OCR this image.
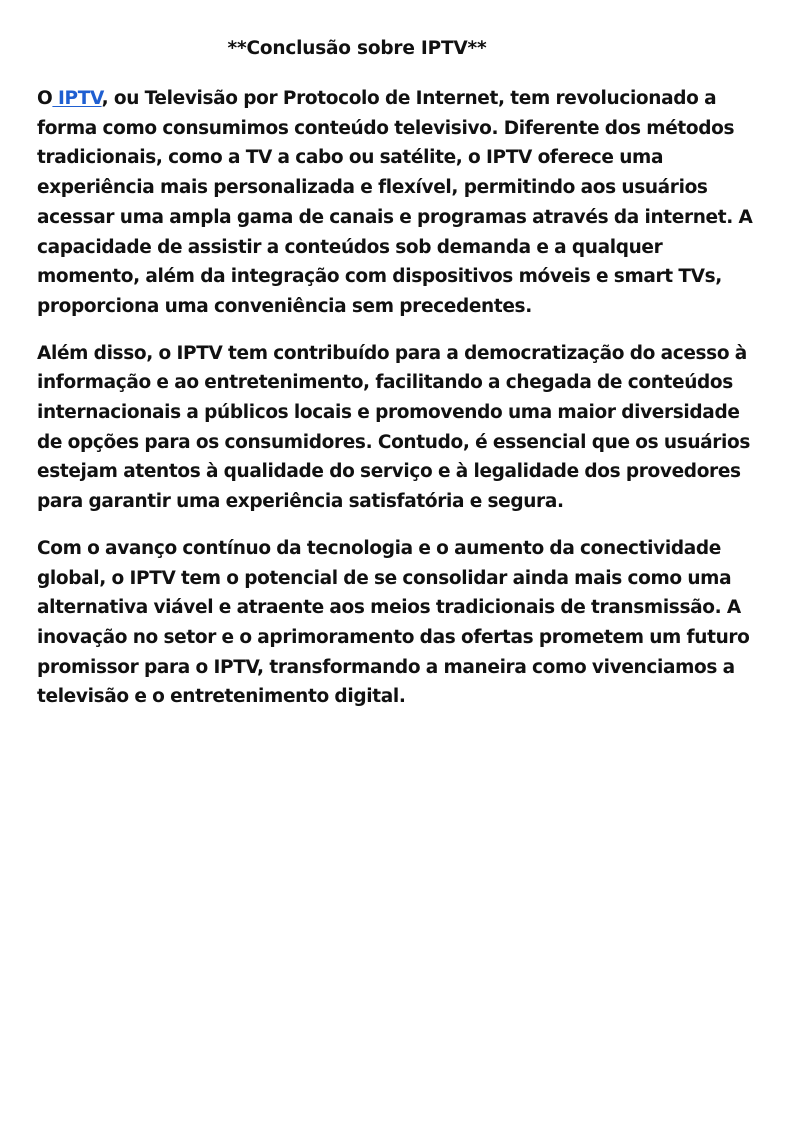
**Conclusão sobre IPTV**

O IPTV, ou Televisão por Protocolo de Internet, tem revolucionado a forma como consumimos conteúdo televisivo. Diferente dos métodos tradicionais, como a TV a cabo ou satélite, o IPTV oferece uma experiência mais personalizada e flexível, permitindo aos usuários acessar uma ampla gama de canais e programas através da internet. A capacidade de assistir a conteúdos sob demanda e a qualquer momento, além da integração com dispositivos móveis e smart TVs, proporciona uma conveniência sem precedentes.

Além disso, o IPTV tem contribuído para a democratização do acesso à informação e ao entretenimento, facilitando a chegada de conteúdos internacionais a públicos locais e promovendo uma maior diversidade de opções para os consumidores. Contudo, é essencial que os usuários estejam atentos à qualidade do serviço e à legalidade dos provedores para garantir uma experiência satisfatória e segura.

Com o avanço contínuo da tecnologia e o aumento da conectividade global, o IPTV tem o potencial de se consolidar ainda mais como uma alternativa viável e atraente aos meios tradicionais de transmissão. A inovação no setor e o aprimoramento das ofertas prometem um futuro promissor para o IPTV, transformando a maneira como vivenciamos a televisão e o entretenimento digital.
